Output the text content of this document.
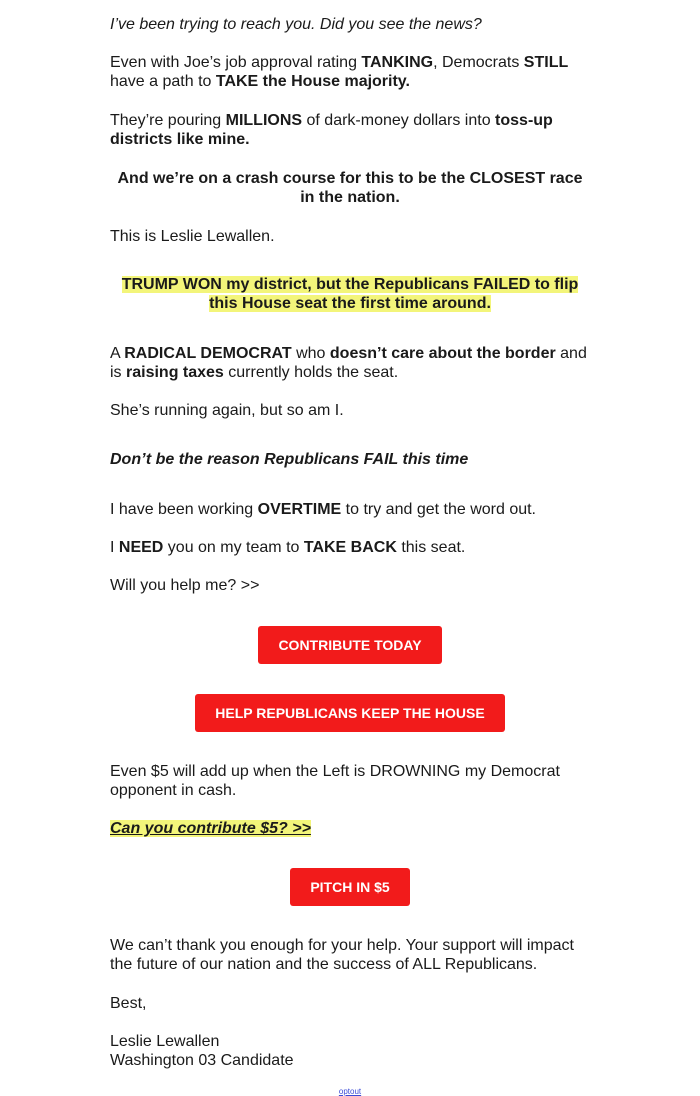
I’ve been trying to reach you. Did you see the news?

Even with Joe’s job approval rating TANKING, Democrats STILL have a path to TAKE the House majority.

They’re pouring MILLIONS of dark-money dollars into toss-up districts like mine.

And we’re on a crash course for this to be the CLOSEST race in the nation.

This is Leslie Lewallen.

TRUMP WON my district, but the Republicans FAILED to flip this House seat the first time around.

A RADICAL DEMOCRAT who doesn’t care about the border and is raising taxes currently holds the seat.

She’s running again, but so am I.

Don’t be the reason Republicans FAIL this time

I have been working OVERTIME to try and get the word out.

I NEED you on my team to TAKE BACK this seat.

Will you help me? >>

CONTRIBUTE TODAY
HELP REPUBLICANS KEEP THE HOUSE

Even $5 will add up when the Left is DROWNING my Democrat opponent in cash.

Can you contribute $5? >>

PITCH IN $5

We can’t thank you enough for your help. Your support will impact the future of our nation and the success of ALL Republicans.

Best,

Leslie Lewallen

Washington 03 Candidate

optout
